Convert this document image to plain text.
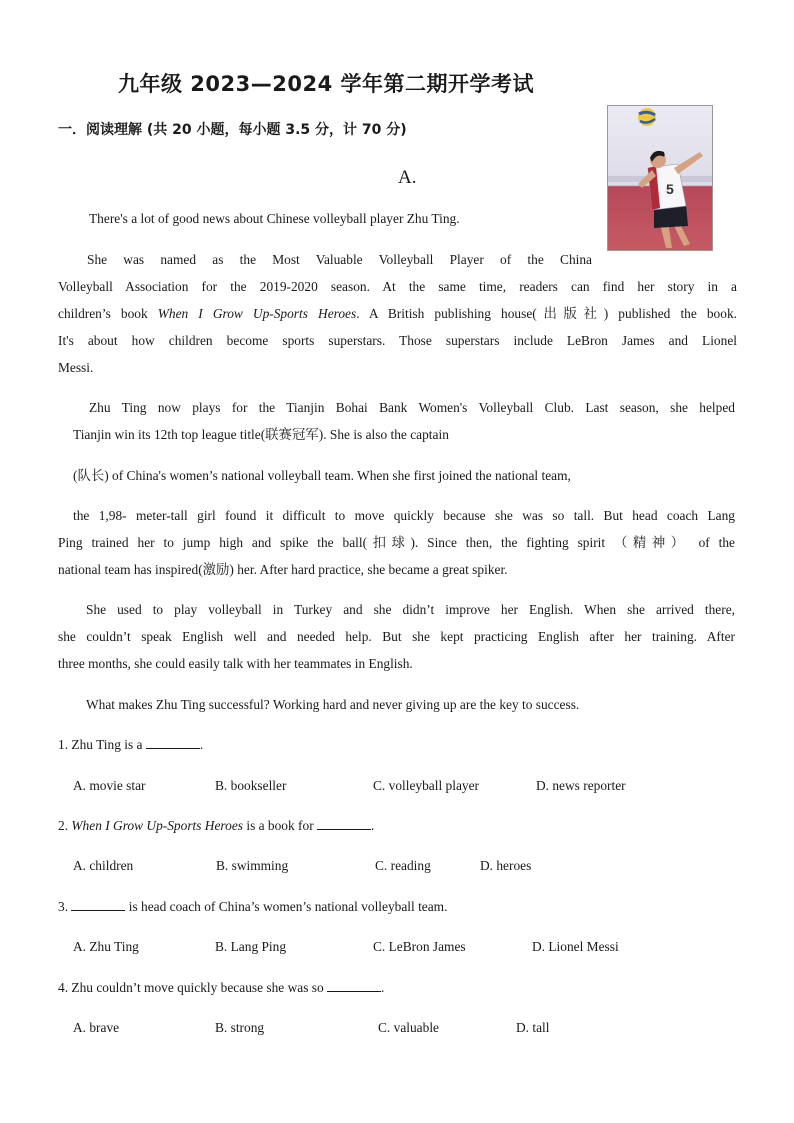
九年级 2023—2024 学年第二期开学考试
一．阅读理解 (共 20 小题，每小题 3.5 分，计 70 分)
A.
5
There's a lot of good news about Chinese volleyball player Zhu Ting.
She was named as the Most Valuable Volleyball Player of the China
Volleyball Association for the 2019-2020 season. At the same time, readers can find her story in a
children’s book When I Grow Up-Sports Heroes. A British publishing house(出版社) published the book.
It's about how children become sports superstars. Those superstars include LeBron James and Lionel
Messi.
Zhu Ting now plays for the Tianjin Bohai Bank Women's Volleyball Club. Last season, she helped
Tianjin win its 12th top league title(联赛冠军). She is also the captain
(队长) of China's women’s national volleyball team. When she first joined the national team,
the 1,98- meter-tall girl found it difficult to move quickly because she was so tall. But head coach Lang
Ping trained her to jump high and spike the ball(扣球). Since then, the fighting spirit （精神） of the
national team has inspired(激励) her. After hard practice, she became a great spiker.
She used to play volleyball in Turkey and she didn’t improve her English. When she arrived there,
she couldn’t speak English well and needed help. But she kept practicing English after her training. After
three months, she could easily talk with her teammates in English.
What makes Zhu Ting successful? Working hard and never giving up are the key to success.
1. Zhu Ting is a	.
A. movie star	B. bookseller	C. volleyball player	D. news reporter
2. When I Grow Up-Sports Heroes is a book for	.
A. children	B. swimming	C. reading	D. heroes
3.	is head coach of China’s women’s national volleyball team.
A. Zhu Ting	B. Lang Ping	C. LeBron James	D. Lionel Messi
4. Zhu couldn’t move quickly because she was so	.
A. brave	B. strong	C. valuable	D. tall
